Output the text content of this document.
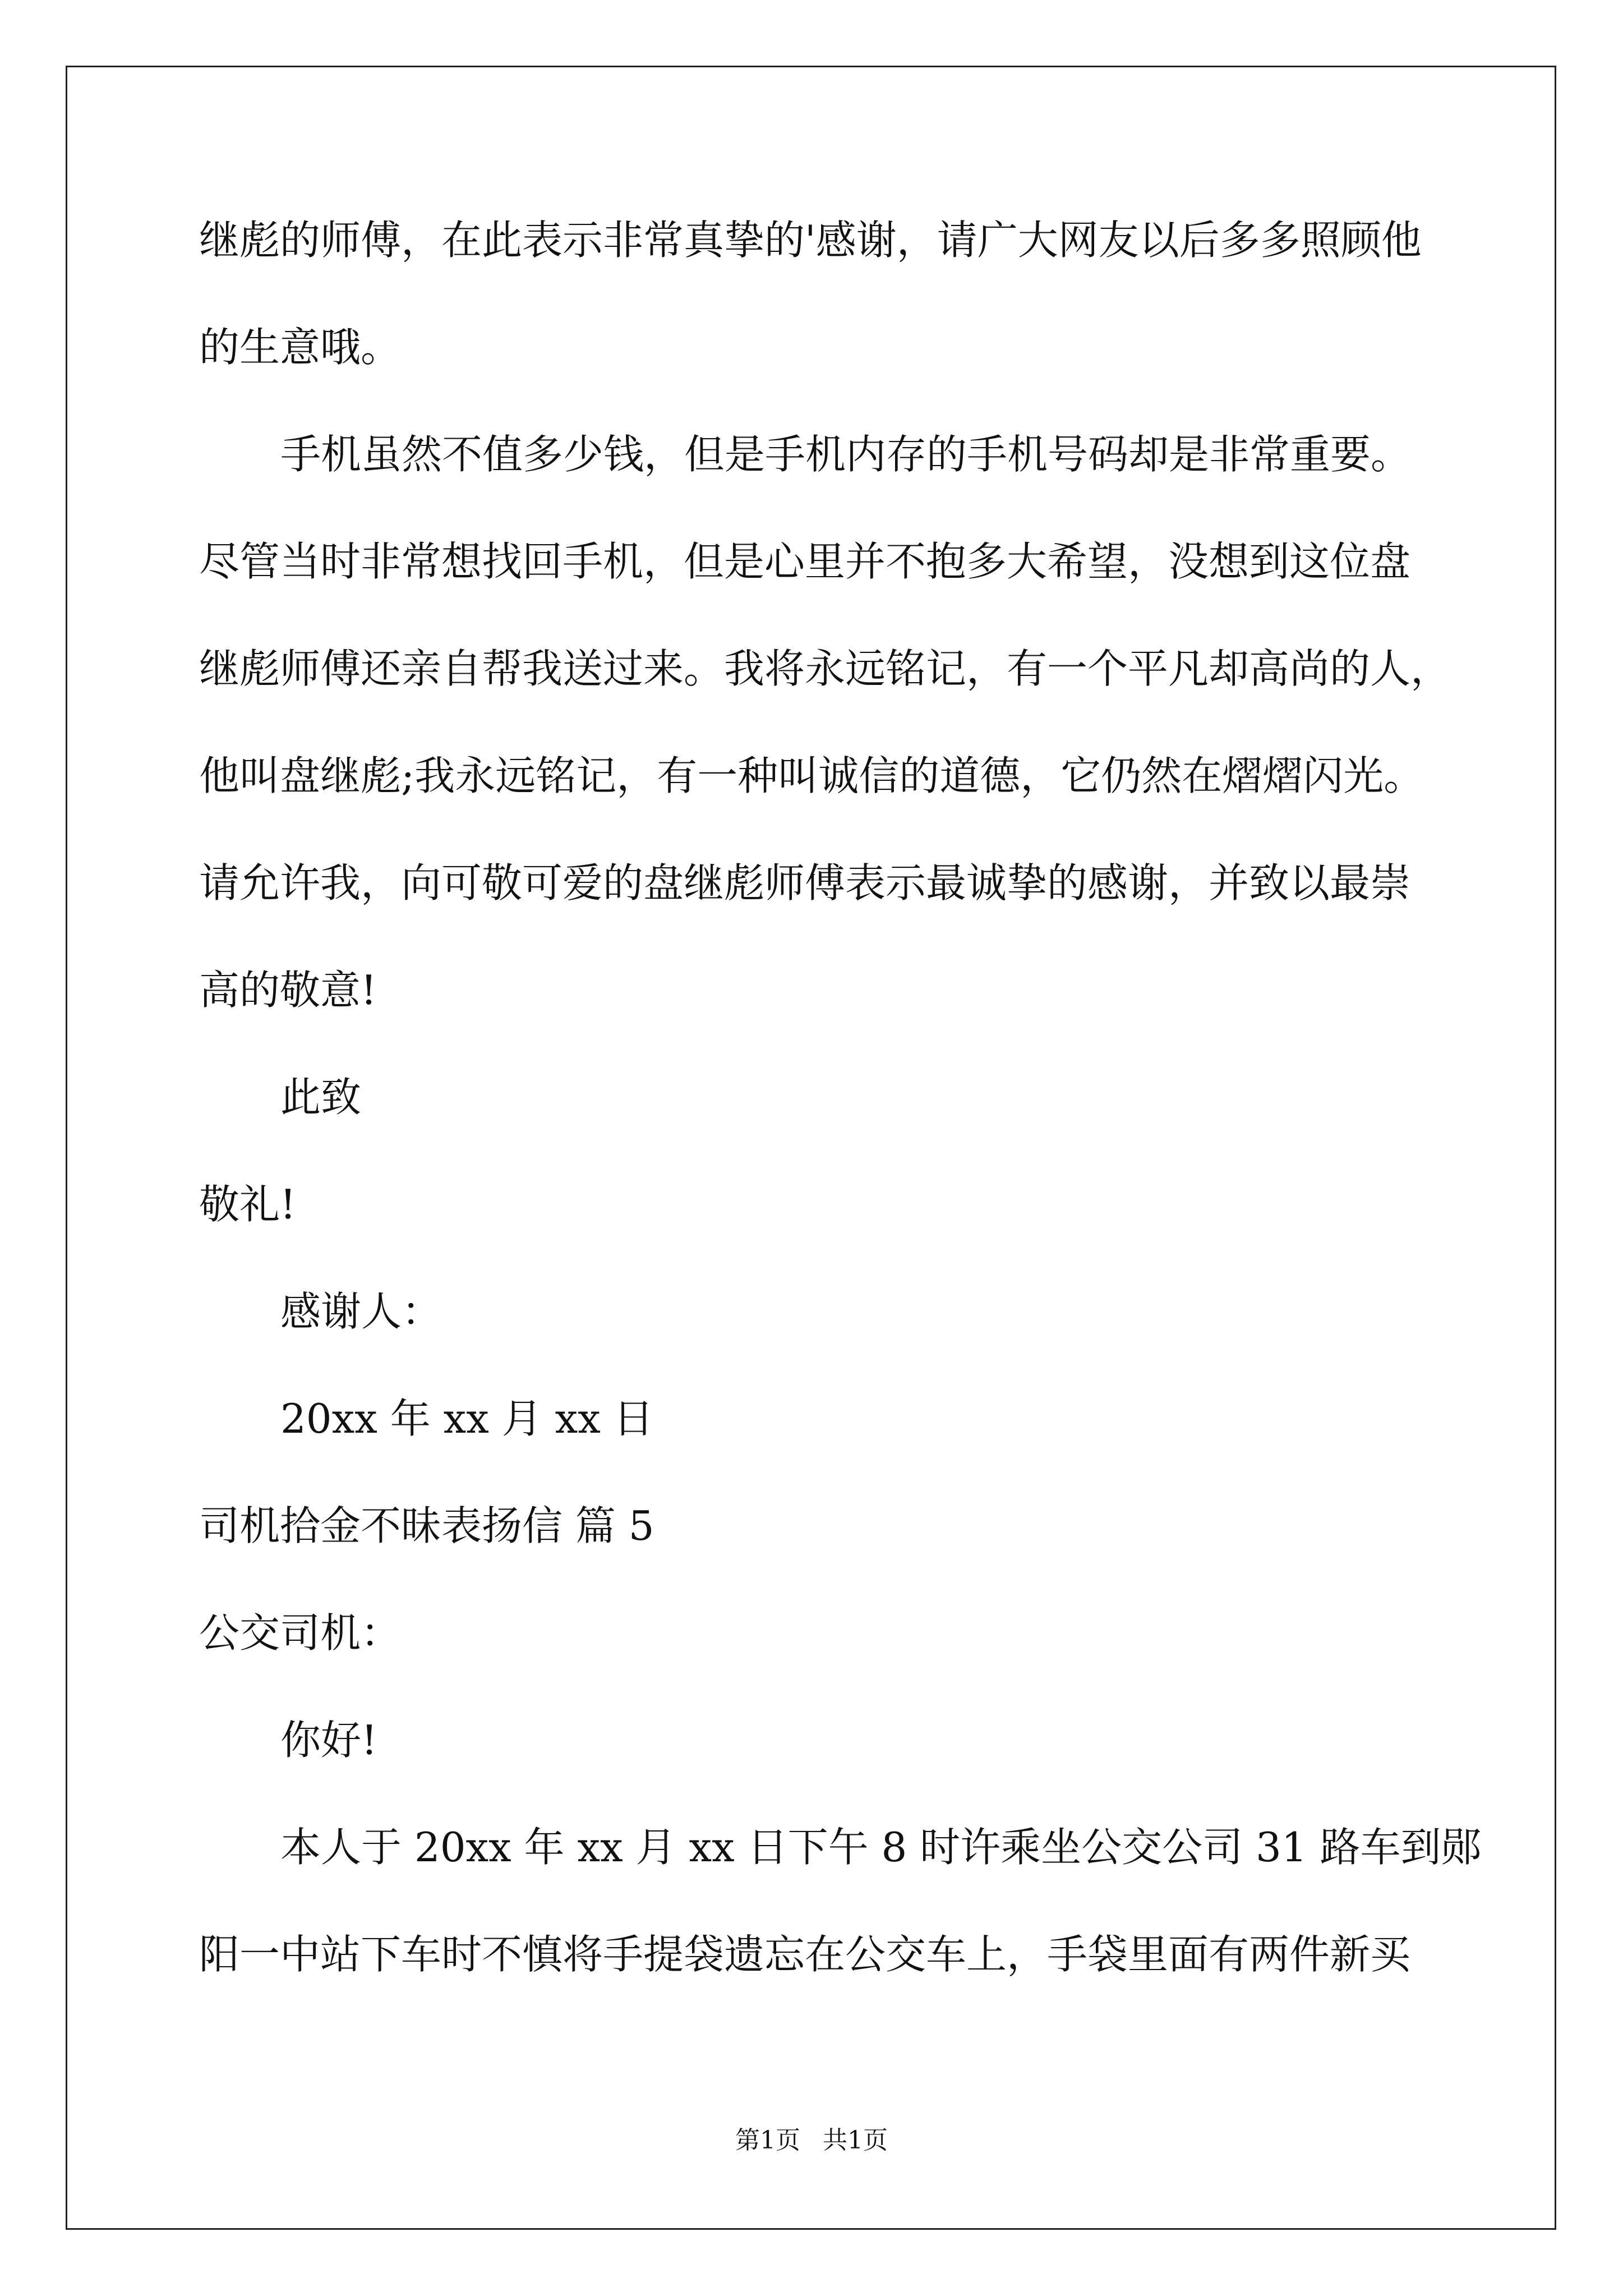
继彪的师傅，在此表示非常真挚的'感谢，请广大网友以后多多照顾他
的生意哦。
手机虽然不值多少钱，但是手机内存的手机号码却是非常重要。
尽管当时非常想找回手机，但是心里并不抱多大希望，没想到这位盘
继彪师傅还亲自帮我送过来。我将永远铭记，有一个平凡却高尚的人，
他叫盘继彪;我永远铭记，有一种叫诚信的道德，它仍然在熠熠闪光。
请允许我，向可敬可爱的盘继彪师傅表示最诚挚的感谢，并致以最崇
高的敬意!
此致
敬礼!
感谢人：
20xx 年 xx 月 xx 日
司机拾金不昧表扬信 篇 5
公交司机：
你好!
本人于 20xx 年 xx 月 xx 日下午 8 时许乘坐公交公司 31 路车到郧
阳一中站下车时不慎将手提袋遗忘在公交车上，手袋里面有两件新买
第1页 共1页
